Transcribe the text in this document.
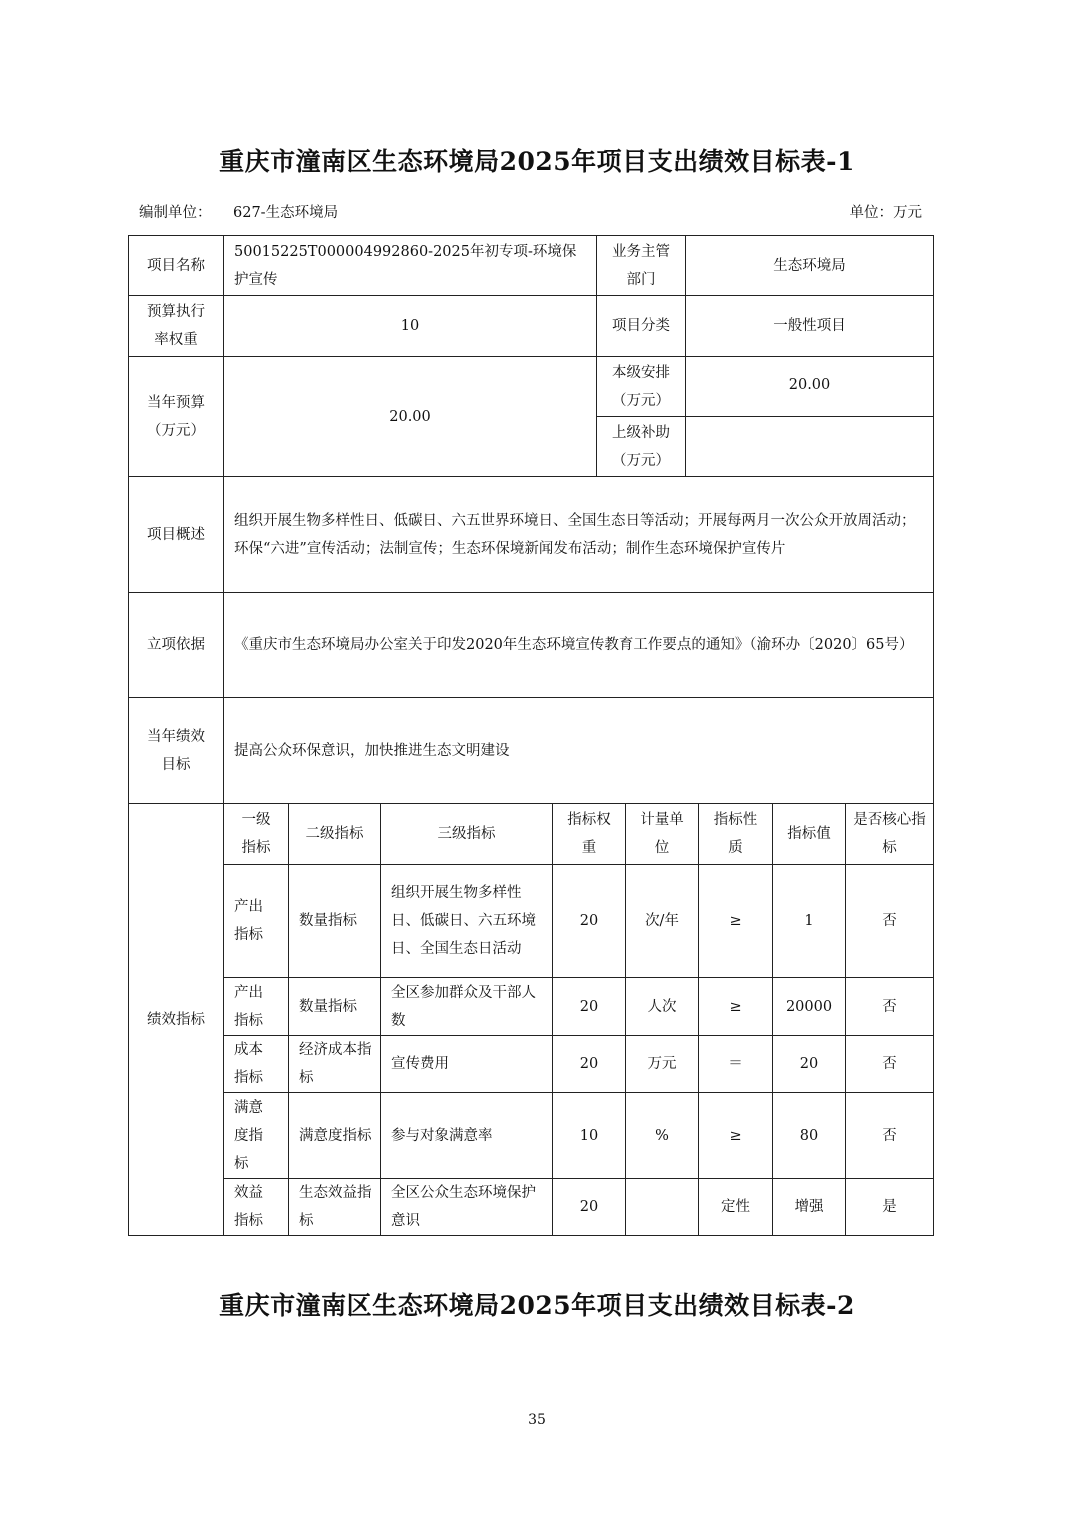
重庆市潼南区生态环境局2025年项目支出绩效目标表-1
编制单位： 627-生态环境局	单位：万元
项目名称	50015225T000004992860-2025年初专项-环境保护宣传				业务主管部门		生态环境局			
预算执行率权重	10				项目分类		一般性项目			
当年预算（万元）	20.00				本级安排（万元）		20.00			
					上级补助（万元）					
项目概述	组织开展生物多样性日、低碳日、六五世界环境日、全国生态日等活动；开展每两月一次公众开放周活动；环保“六进”宣传活动；法制宣传；生态环保境新闻发布活动；制作生态环境保护宣传片									
立项依据	《重庆市生态环境局办公室关于印发2020年生态环境宣传教育工作要点的通知》（渝环办〔2020〕65号）									
当年绩效目标	提高公众环保意识，加快推进生态文明建设									
绩效指标	一级指标	二级指标	三级指标	指标权重		计量单位		指标性质	指标值	是否核心指标
	产出指标	数量指标	组织开展生物多样性日、低碳日、六五环境日、全国生态日活动	20		次/年		≥	1	否
	产出指标	数量指标	全区参加群众及干部人数	20		人次		≥	20000	否
	成本指标	经济成本指标	宣传费用	20		万元		＝	20	否
	满意度指标	满意度指标	参与对象满意率	10		%		≥	80	否
	效益指标	生态效益指标	全区公众生态环境保护意识	20				定性	增强	是
重庆市潼南区生态环境局2025年项目支出绩效目标表-2
35
